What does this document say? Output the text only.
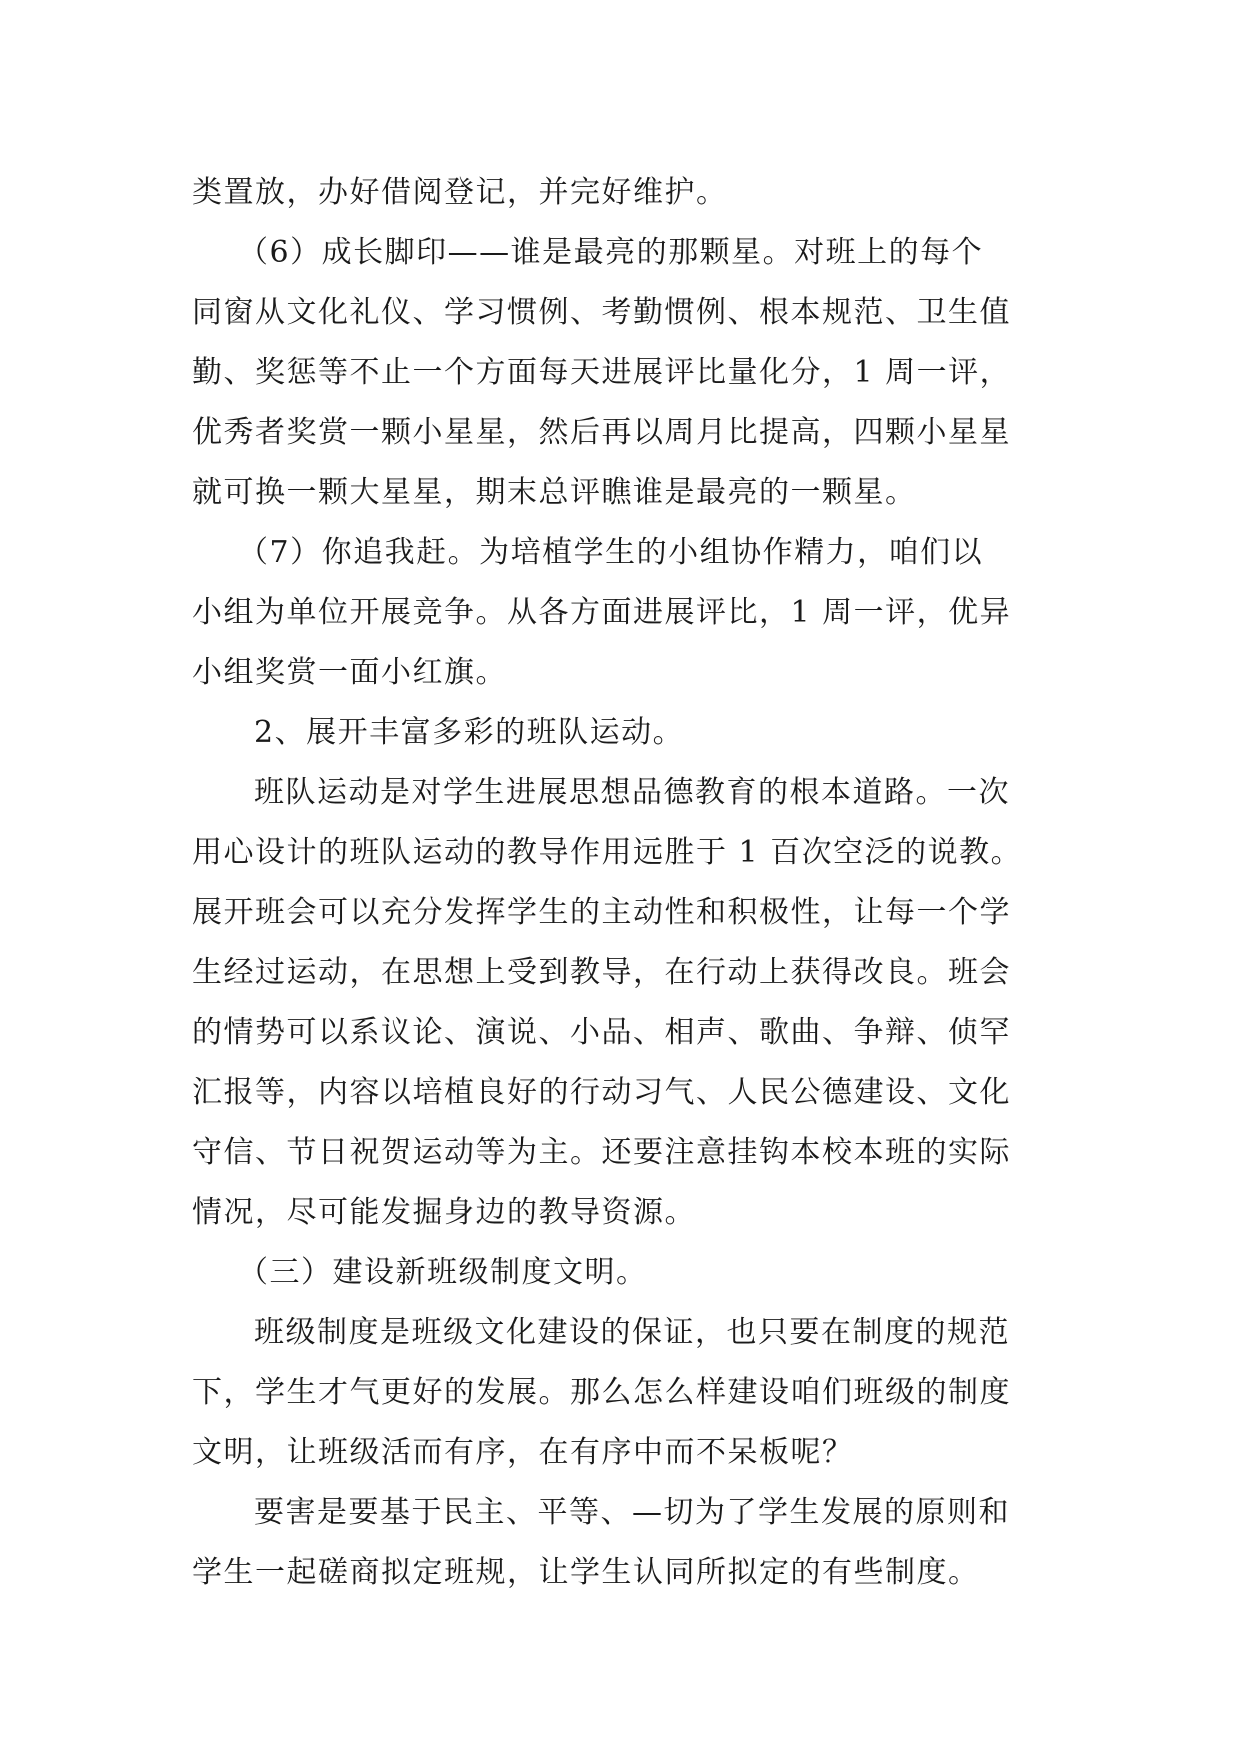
类置放，办好借阅登记，并完好维护。
（6）成长脚印——谁是最亮的那颗星。对班上的每个
同窗从文化礼仪、学习惯例、考勤惯例、根本规范、卫生值
勤、奖惩等不止一个方面每天进展评比量化分，1 周一评，
优秀者奖赏一颗小星星，然后再以周月比提高，四颗小星星
就可换一颗大星星，期末总评瞧谁是最亮的一颗星。
（7）你追我赶。为培植学生的小组协作精力，咱们以
小组为单位开展竞争。从各方面进展评比，1 周一评，优异
小组奖赏一面小红旗。
2、展开丰富多彩的班队运动。
班队运动是对学生进展思想品德教育的根本道路。一次
用心设计的班队运动的教导作用远胜于 1 百次空泛的说教。
展开班会可以充分发挥学生的主动性和积极性，让每一个学
生经过运动，在思想上受到教导，在行动上获得改良。班会
的情势可以系议论、演说、小品、相声、歌曲、争辩、侦罕
汇报等，内容以培植良好的行动习气、人民公德建设、文化
守信、节日祝贺运动等为主。还要注意挂钩本校本班的实际
情况，尽可能发掘身边的教导资源。
（三）建设新班级制度文明。
班级制度是班级文化建设的保证，也只要在制度的规范
下，学生才气更好的发展。那么怎么样建设咱们班级的制度
文明，让班级活而有序，在有序中而不呆板呢？
要害是要基于民主、平等、—切为了学生发展的原则和
学生一起磋商拟定班规，让学生认同所拟定的有些制度。
